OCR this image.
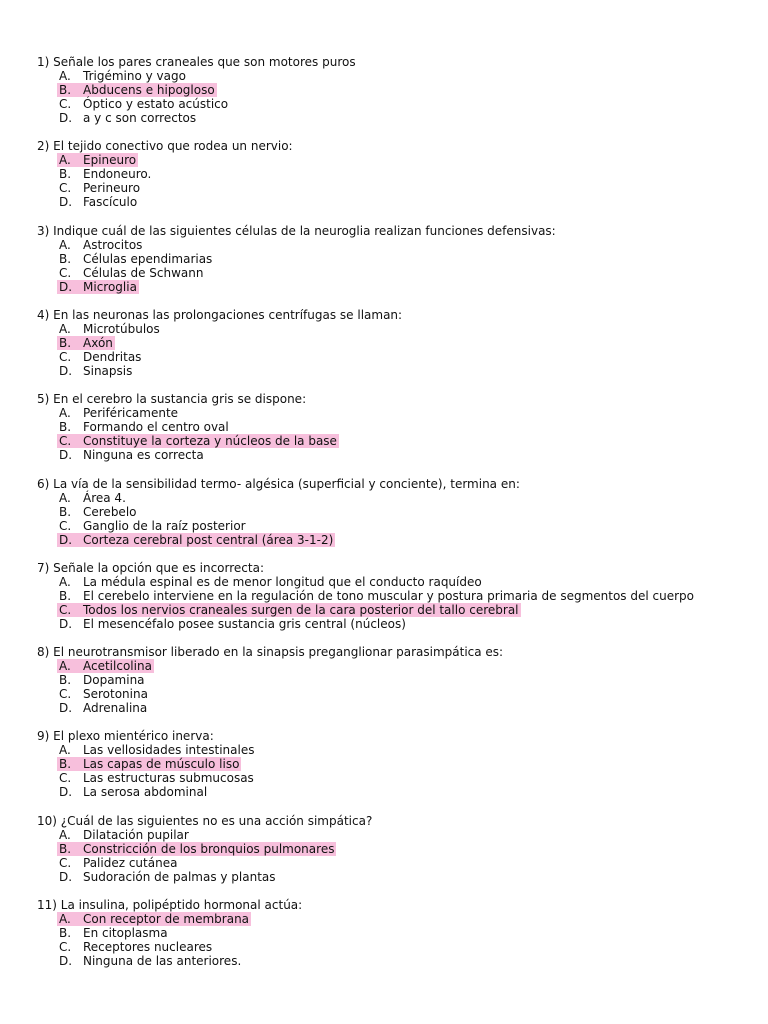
1) Señale los pares craneales que son motores puros
A. Trigémino y vago
B. Abducens e hipogloso
C. Óptico y estato acústico
D. a y c son correctos
2) El tejido conectivo que rodea un nervio:
A. Epineuro
B. Endoneuro.
C. Perineuro
D. Fascículo
3) Indique cuál de las siguientes células de la neuroglia realizan funciones defensivas:
A. Astrocitos
B. Células ependimarias
C. Células de Schwann
D. Microglia
4) En las neuronas las prolongaciones centrífugas se llaman:
A. Microtúbulos
B. Axón
C. Dendritas
D. Sinapsis
5) En el cerebro la sustancia gris se dispone:
A. Periféricamente
B. Formando el centro oval
C. Constituye la corteza y núcleos de la base
D. Ninguna es correcta
6) La vía de la sensibilidad termo- algésica (superficial y conciente), termina en:
A. Área 4.
B. Cerebelo
C. Ganglio de la raíz posterior
D. Corteza cerebral post central (área 3-1-2)
7) Señale la opción que es incorrecta:
A. La médula espinal es de menor longitud que el conducto raquídeo
B. El cerebelo interviene en la regulación de tono muscular y postura primaria de segmentos del cuerpo
C. Todos los nervios craneales surgen de la cara posterior del tallo cerebral
D. El mesencéfalo posee sustancia gris central (núcleos)
8) El neurotransmisor liberado en la sinapsis preganglionar parasimpática es:
A. Acetilcolina
B. Dopamina
C. Serotonina
D. Adrenalina
9) El plexo mientérico inerva:
A. Las vellosidades intestinales
B. Las capas de músculo liso
C. Las estructuras submucosas
D. La serosa abdominal
10) ¿Cuál de las siguientes no es una acción simpática?
A. Dilatación pupilar
B. Constricción de los bronquios pulmonares
C. Palidez cutánea
D. Sudoración de palmas y plantas
11) La insulina, polipéptido hormonal actúa:
A. Con receptor de membrana
B. En citoplasma
C. Receptores nucleares
D. Ninguna de las anteriores.
